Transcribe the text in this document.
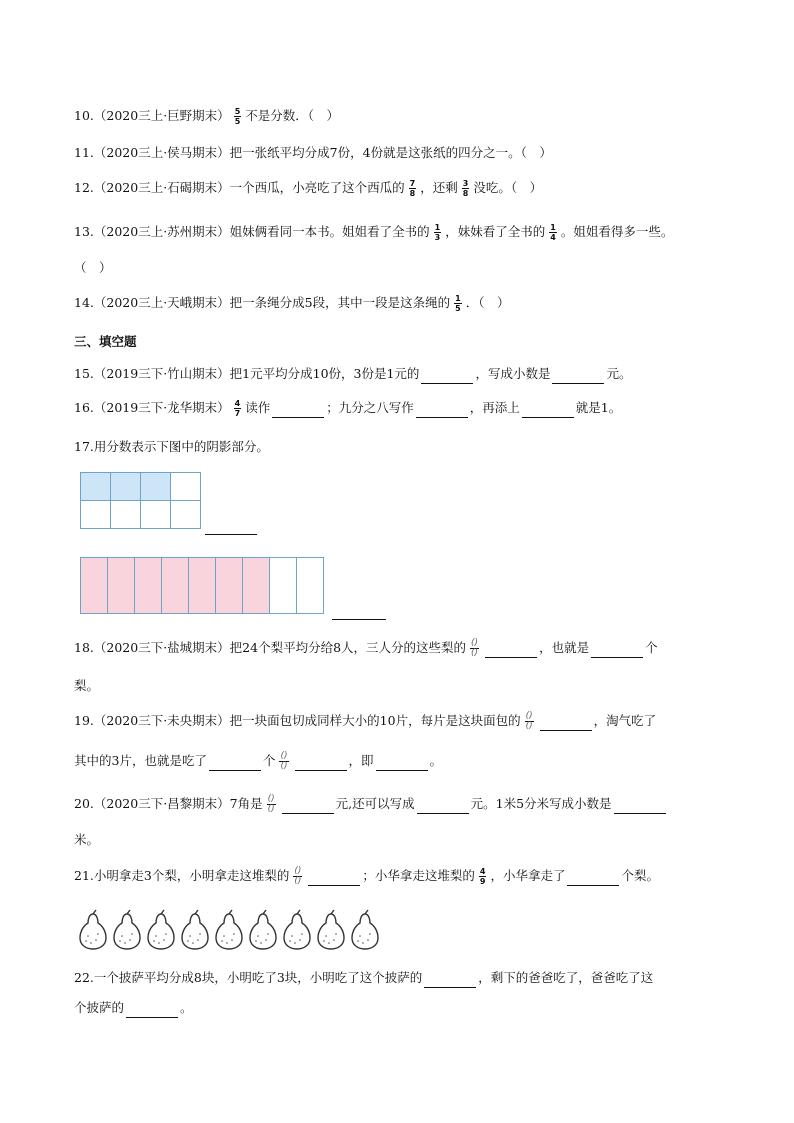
10.（2020三上·巨野期末） $\frac{5}{5}$ 不是分数．（　）
11.（2020三上·侯马期末）把一张纸平均分成7份，4份就是这张纸的四分之一。（　）
12.（2020三上·石碣期末）一个西瓜，小亮吃了这个西瓜的 $\frac{7}{8}$ ，还剩 $\frac{3}{8}$ 没吃。（　）
13.（2020三上·苏州期末）姐妹俩看同一本书。姐姐看了全书的 $\frac{1}{3}$ ，妹妹看了全书的 $\frac{1}{4}$ 。姐姐看得多一些。
（　）
14.（2020三上·天峨期末）把一条绳分成5段，其中一段是这条绳的 $\frac{1}{5}$ ．（　）
三、填空题
15.（2019三下·竹山期末）把1元平均分成10份，3份是1元的	，写成小数是	元。
16.（2019三下·龙华期末） $\frac{4}{7}$ 读作	；九分之八写作	，再添上	就是1。
17.用分数表示下图中的阴影部分。

18.（2020三下·盐城期末）把24个梨平均分给8人，三人分的这些梨的 $\frac{()}{()}$	，也就是	个
梨。
19.（2020三下·未央期末）把一块面包切成同样大小的10片，每片是这块面包的 $\frac{()}{()}$	，淘气吃了
其中的3片，也就是吃了	个 $\frac{()}{()}$	，即	。
20.（2020三下·昌黎期末）7角是 $\frac{()}{()}$	元,还可以写成	元。1米5分米写成小数是
米。
21.小明拿走3个梨，小明拿走这堆梨的 $\frac{()}{()}$	；小华拿走这堆梨的 $\frac{4}{9}$ ，小华拿走了	个梨。
22.一个披萨平均分成8块，小明吃了3块，小明吃了这个披萨的	，剩下的爸爸吃了，爸爸吃了这
个披萨的	。
